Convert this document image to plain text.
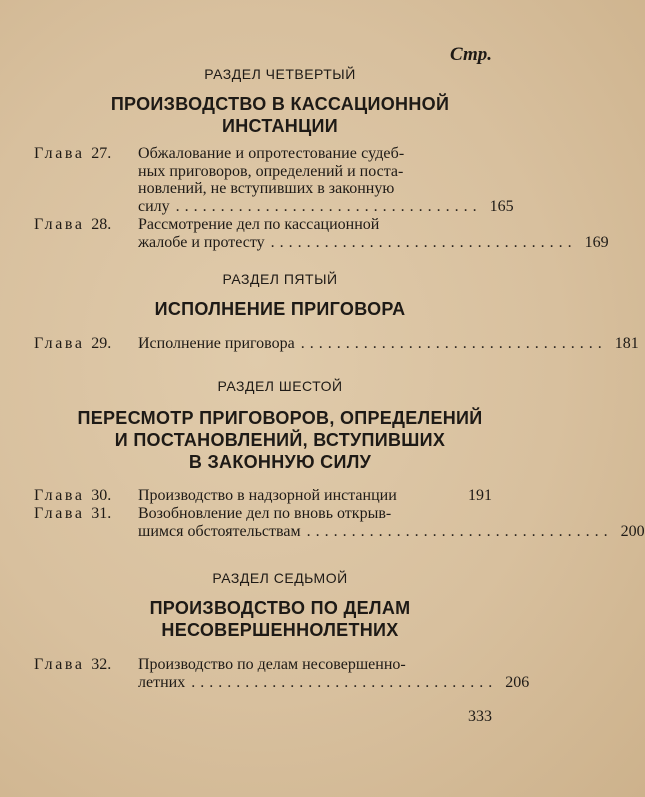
Стр.
РАЗДЕЛ ЧЕТВЕРТЫЙ
ПРОИЗВОДСТВО В КАССАЦИОННОЙ
ИНСТАНЦИИ
Глава 27.	Обжалование и опротестование судеб-
ных приговоров, определений и поста-
новлений, не вступивших в законную
силу .................................. 165
Глава 28.	Рассмотрение дел по кассационной
жалобе и протесту .................................. 169
РАЗДЕЛ ПЯТЫЙ
ИСПОЛНЕНИЕ ПРИГОВОРА
Глава 29.	Исполнение приговора .................................. 181
РАЗДЕЛ ШЕСТОЙ
ПЕРЕСМОТР ПРИГОВОРОВ, ОПРЕДЕЛЕНИЙ
И ПОСТАНОВЛЕНИЙ, ВСТУПИВШИХ
В ЗАКОННУЮ СИЛУ
Глава 30.	Производство в надзорной инстанции	191
Глава 31.	Возобновление дел по вновь открыв-
шимся обстоятельствам .................................. 200
РАЗДЕЛ СЕДЬМОЙ
ПРОИЗВОДСТВО ПО ДЕЛАМ
НЕСОВЕРШЕННОЛЕТНИХ
Глава 32.	Производство по делам несовершенно-
летних .................................. 206
333
